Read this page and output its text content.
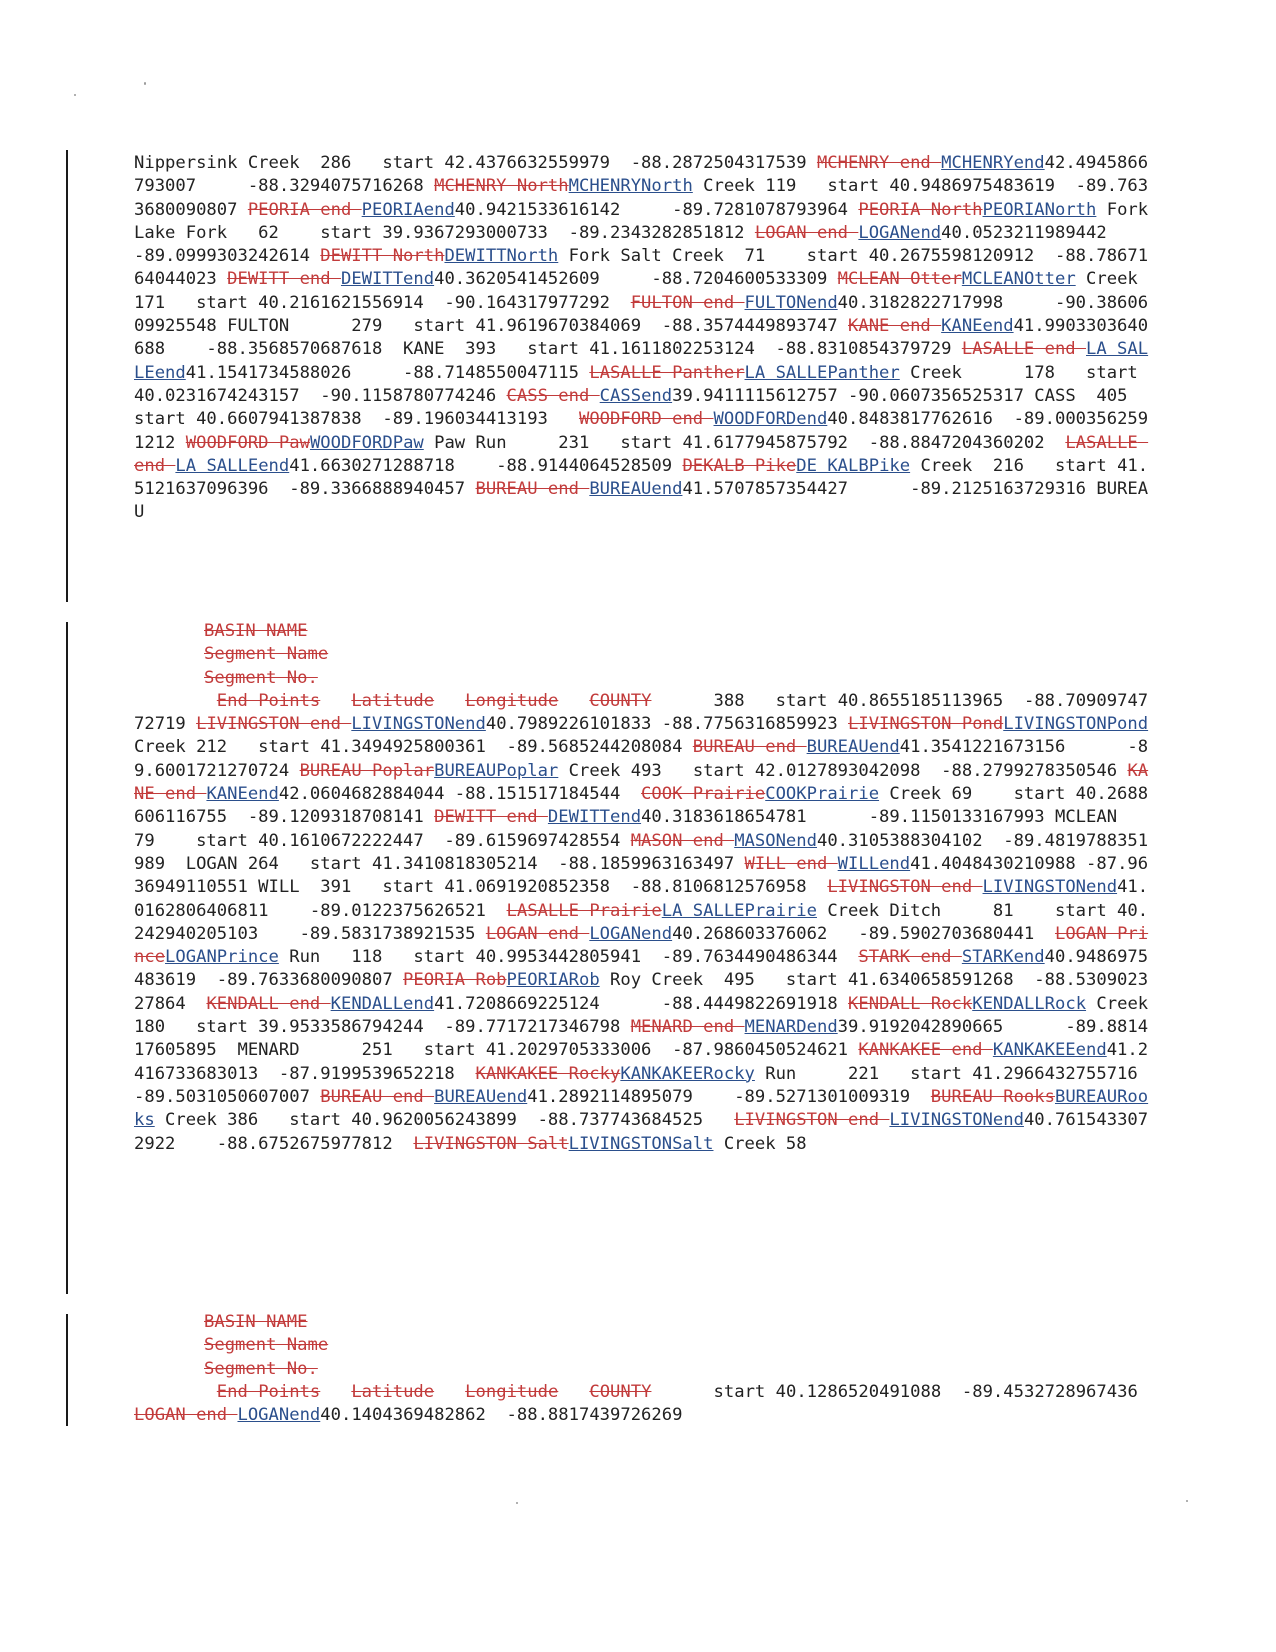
Nippersink Creek  286   start 42.4376632559979  -88.2872504317539 MCHENRY end MCHENRYend42.4945866793007     -88.3294075716268 MCHENRY NorthMCHENRYNorth Creek 119   start 40.9486975483619  -89.7633680090807 PEORIA end PEORIAend40.9421533616142     -89.7281078793964 PEORIA NorthPEORIANorth Fork Lake Fork   62    start 39.9367293000733  -89.2343282851812 LOGAN end LOGANend40.0523211989442     -89.0999303242614 DEWITT NorthDEWITTNorth Fork Salt Creek  71    start 40.2675598120912  -88.7867164044023 DEWITT end DEWITTend40.3620541452609     -88.7204600533309 MCLEAN OtterMCLEANOtter Creek 171   start 40.2161621556914  -90.164317977292  FULTON end FULTONend40.3182822717998     -90.3860609925548 FULTON      279   start 41.9619670384069  -88.3574449893747 KANE end KANEend41.9903303640688    -88.3568570687618  KANE  393   start 41.1611802253124  -88.8310854379729 LASALLE end LA SALLEend41.1541734588026     -88.7148550047115 LASALLE PantherLA SALLEPanther Creek      178   start 40.0231674243157  -90.1158780774246 CASS end CASSend39.9411115612757 -90.0607356525317 CASS  405   start 40.6607941387838  -89.196034413193   WOODFORD end WOODFORDend40.8483817762616  -89.0003562591212 WOODFORD PawWOODFORDPaw Paw Run     231   start 41.6177945875792  -88.8847204360202  LASALLE end LA SALLEend41.6630271288718    -88.9144064528509 DEKALB PikeDE KALBPike Creek  216   start 41.5121637096396  -89.3366888940457 BUREAU end BUREAUend41.5707857354427      -89.2125163729316 BUREAU
BASIN NAME
Segment Name
Segment No.
End Points Latitude Longitude COUNTY      388   start 40.8655185113965  -88.7090974772719 LIVINGSTON end LIVINGSTONend40.7989226101833 -88.7756316859923 LIVINGSTON PondLIVINGSTONPond Creek 212   start 41.3494925800361  -89.5685244208084 BUREAU end BUREAUend41.3541221673156      -89.6001721270724 BUREAU PoplarBUREAUPoplar Creek 493   start 42.0127893042098  -88.2799278350546 KANE end KANEend42.0604682884044 -88.151517184544  COOK PrairieCOOKPrairie Creek 69    start 40.2688606116755  -89.1209318708141 DEWITT end DEWITTend40.3183618654781      -89.1150133167993 MCLEAN      79    start 40.1610672222447  -89.6159697428554 MASON end MASONend40.3105388304102  -89.4819788351989  LOGAN 264   start 41.3410818305214  -88.1859963163497 WILL end WILLend41.4048430210988 -87.9636949110551 WILL  391   start 41.0691920852358  -88.8106812576958  LIVINGSTON end LIVINGSTONend41.0162806406811    -89.0122375626521  LASALLE PrairieLA SALLEPrairie Creek Ditch     81    start 40.242940205103    -89.5831738921535 LOGAN end LOGANend40.268603376062   -89.5902703680441  LOGAN PrinceLOGANPrince Run   118   start 40.9953442805941  -89.7634490486344  STARK end STARKend40.9486975483619  -89.7633680090807 PEORIA RobPEORIARob Roy Creek  495   start 41.6340658591268  -88.530902327864  KENDALL end KENDALLend41.7208669225124      -88.4449822691918 KENDALL RockKENDALLRock Creek 180   start 39.9533586794244  -89.7717217346798 MENARD end MENARDend39.9192042890665      -89.881417605895  MENARD      251   start 41.2029705333006  -87.9860450524621 KANKAKEE end KANKAKEEend41.2416733683013  -87.9199539652218  KANKAKEE RockyKANKAKEERocky Run     221   start 41.2966432755716  -89.5031050607007 BUREAU end BUREAUend41.2892114895079    -89.5271301009319  BUREAU RooksBUREAURooks Creek 386   start 40.9620056243899  -88.737743684525   LIVINGSTON end LIVINGSTONend40.7615433072922    -88.6752675977812  LIVINGSTON SaltLIVINGSTONSalt Creek 58
BASIN NAME
Segment Name
Segment No.
End Points Latitude Longitude COUNTY      start 40.1286520491088  -89.4532728967436  LOGAN end LOGANend40.1404369482862  -88.8817439726269
